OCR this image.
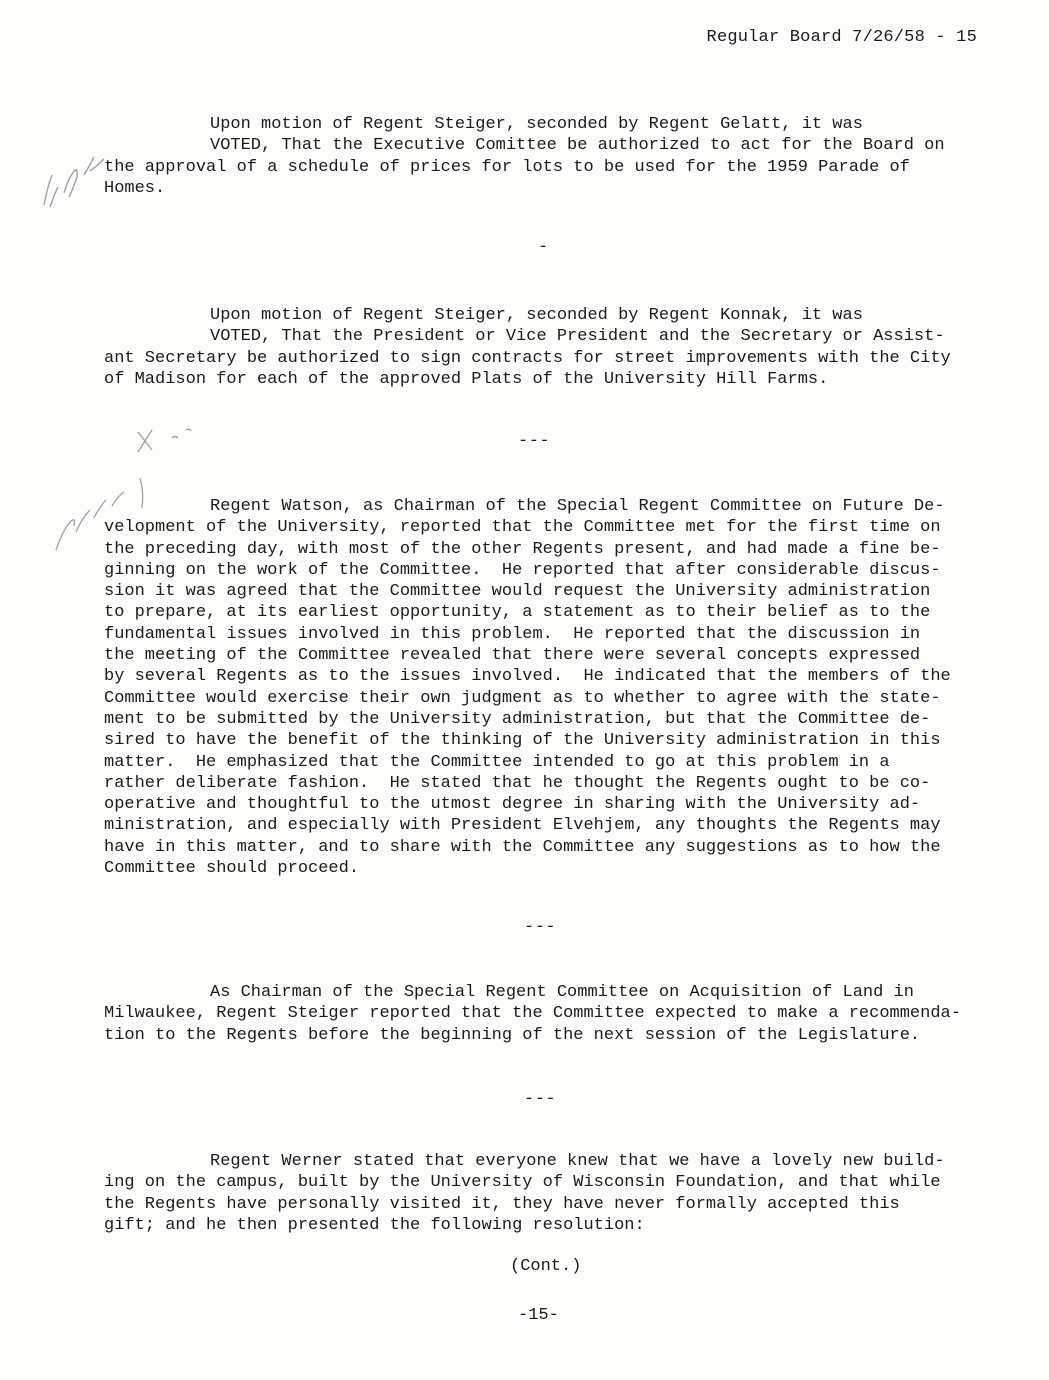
Regular Board 7/26/58 - 15
Upon motion of Regent Steiger, seconded by Regent Gelatt, it was
VOTED, That the Executive Comittee be authorized to act for the Board on
the approval of a schedule of prices for lots to be used for the 1959 Parade of
Homes.
-
Upon motion of Regent Steiger, seconded by Regent Konnak, it was
VOTED, That the President or Vice President and the Secretary or Assist-
ant Secretary be authorized to sign contracts for street improvements with the City
of Madison for each of the approved Plats of the University Hill Farms.
---
Regent Watson, as Chairman of the Special Regent Committee on Future De-
velopment of the University, reported that the Committee met for the first time on
the preceding day, with most of the other Regents present, and had made a fine be-
ginning on the work of the Committee.  He reported that after considerable discus-
sion it was agreed that the Committee would request the University administration
to prepare, at its earliest opportunity, a statement as to their belief as to the
fundamental issues involved in this problem.  He reported that the discussion in
the meeting of the Committee revealed that there were several concepts expressed
by several Regents as to the issues involved.  He indicated that the members of the
Committee would exercise their own judgment as to whether to agree with the state-
ment to be submitted by the University administration, but that the Committee de-
sired to have the benefit of the thinking of the University administration in this
matter.  He emphasized that the Committee intended to go at this problem in a
rather deliberate fashion.  He stated that he thought the Regents ought to be co-
operative and thoughtful to the utmost degree in sharing with the University ad-
ministration, and especially with President Elvehjem, any thoughts the Regents may
have in this matter, and to share with the Committee any suggestions as to how the
Committee should proceed.
---
As Chairman of the Special Regent Committee on Acquisition of Land in
Milwaukee, Regent Steiger reported that the Committee expected to make a recommenda-
tion to the Regents before the beginning of the next session of the Legislature.
---
Regent Werner stated that everyone knew that we have a lovely new build-
ing on the campus, built by the University of Wisconsin Foundation, and that while
the Regents have personally visited it, they have never formally accepted this
gift; and he then presented the following resolution:
(Cont.)
-15-
